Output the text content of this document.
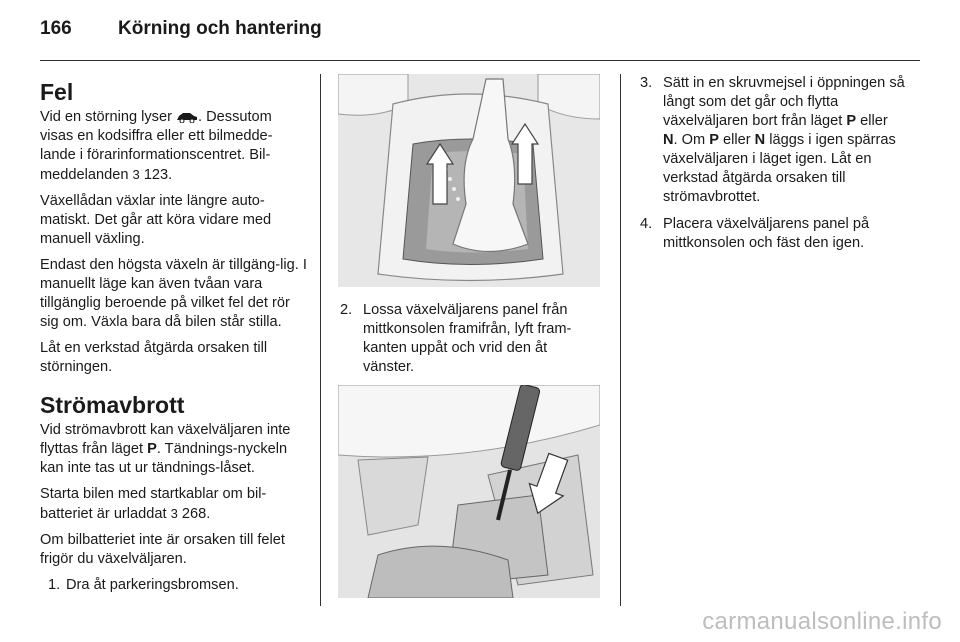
166 Körning och hantering
Fel

Vid en störning lyser . Dessutom visas en kodsiffra eller ett bilmedde-lande i förarinformationscentret. Bil-meddelanden 3 123.

Växellådan växlar inte längre auto-matiskt. Det går att köra vidare med manuell växling.

Endast den högsta växeln är tillgäng-lig. I manuellt läge kan även tvåan vara tillgänglig beroende på vilket fel det rör sig om. Växla bara då bilen står stilla.

Låt en verkstad åtgärda orsaken till störningen.

Strömavbrott

Vid strömavbrott kan växelväljaren inte flyttas från läget P. Tändnings-nyckeln kan inte tas ut ur tändnings-låset.

Starta bilen med startkablar om bil-batteriet är urladdat 3 268.

Om bilbatteriet inte är orsaken till felet frigör du växelväljaren.

1. Dra åt parkeringsbromsen.
2. Lossa växelväljarens panel från mittkonsolen framifrån, lyft fram-kanten uppåt och vrid den åt vänster.
3. Sätt in en skruvmejsel i öppningen så långt som det går och flytta växelväljaren bort från läget P eller N. Om P eller N läggs i igen spärras växelväljaren i läget igen. Låt en verkstad åtgärda orsaken till strömavbrottet.
4. Placera växelväljarens panel på mittkonsolen och fäst den igen.
carmanualsonline.info
